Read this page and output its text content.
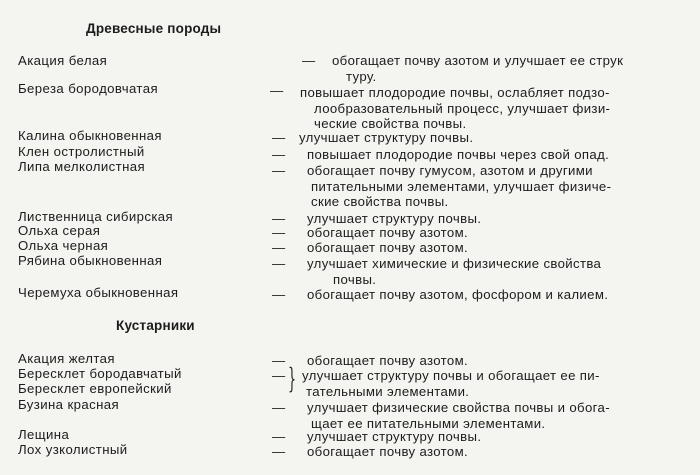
Древесные породы
Акация белая	— обогащает почву азотом и улучшает ее струк
туру.
Береза бородовчатая	— повышает плодородие почвы, ослабляет подзо-
лообразовательный процесс, улучшает физи-
ческие свойства почвы.
Калина обыкновенная	— улучшает структуру почвы.
Клен остролистный	— повышает плодородие почвы через свой опад.
Липа мелколистная	— обогащает почву гумусом, азотом и другими
питательными элементами, улучшает физиче-
ские свойства почвы.
Лиственница сибирская	— улучшает структуру почвы.
Ольха серая	— обогащает почву азотом.
Ольха черная	— обогащает почву азотом.
Рябина обыкновенная	— улучшает химические и физические свойства
почвы.
Черемуха обыкновенная	— обогащает почву азотом, фосфором и калием.
Кустарники
Акация желтая	— обогащает почву азотом.
Бересклет бородавчатый
Бересклет европейский
— } улучшает структуру почвы и обогащает ее пи-
тательными элементами.
Бузина красная	— улучшает физические свойства почвы и обога-
щает ее питательными элементами.
Лещина	— улучшает структуру почвы.
Лох узколистный	— обогащает почву азотом.
